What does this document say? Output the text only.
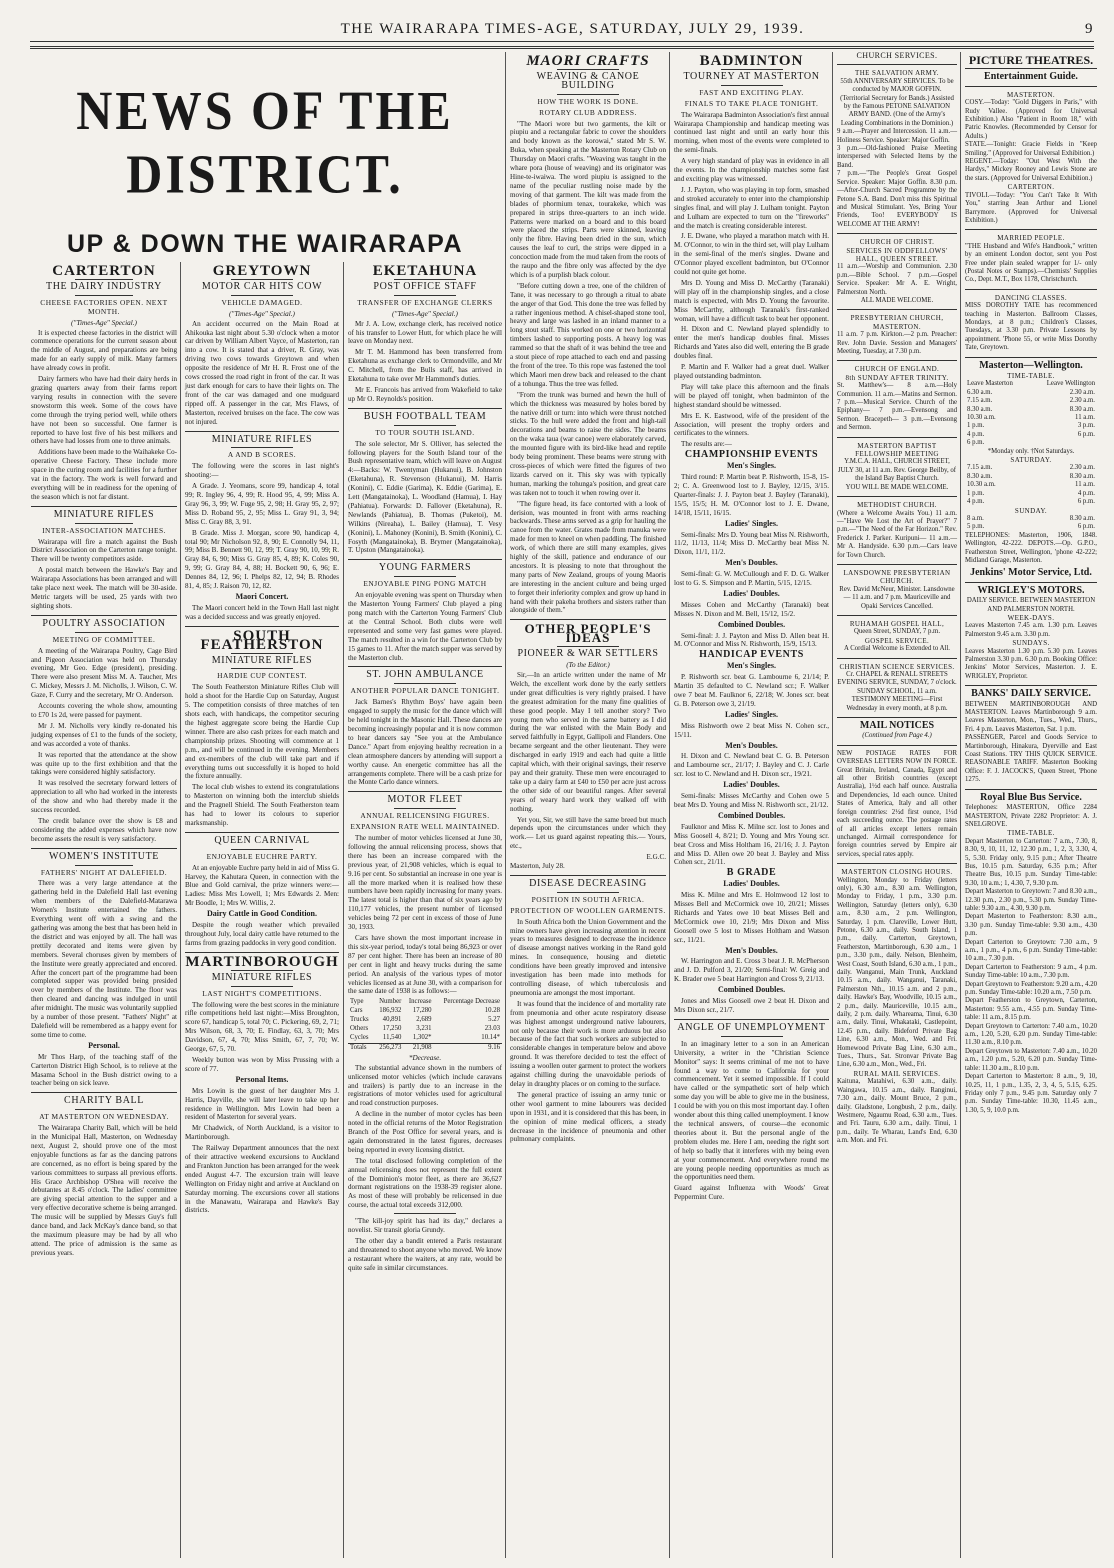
THE WAIRARAPA TIMES-AGE, SATURDAY, JULY 29, 1939.	9
NEWS OF THE DISTRICT.
UP & DOWN THE WAIRARAPA
CARTERTON
THE DAIRY INDUSTRY
CHEESE FACTORIES OPEN. NEXT MONTH.
("Times-Age" Special.)

It is expected cheese factories in the district will commence operations for the current season about the middle of August, and preparations are being made for an early supply of milk. Many farmers have already cows in profit.

Dairy farmers who have had their dairy herds in grazing quarters away from their farms report varying results in connection with the severe snowstorm this week. Some of the cows have come through the trying period well, while others have not been so successful. One farmer is reported to have lost five of his best milkers and others have had losses from one to three animals.

Additions have been made to the Waihakeke Co-operative Cheese Factory. These include more space in the curing room and facilities for a further vat in the factory. The work is well forward and everything will be in readiness for the opening of the season which is not far distant.

MINIATURE RIFLES
INTER-ASSOCIATION MATCHES.

Wairarapa will fire a match against the Bush District Association on the Carterton range tonight. There will be twenty competitors aside.

A postal match between the Hawke's Bay and Wairarapa Associations has been arranged and will take place next week. The match will be 30-aside. Metric targets will be used, 25 yards with two sighting shots.

POULTRY ASSOCIATION
MEETING OF COMMITTEE.

A meeting of the Wairarapa Poultry, Cage Bird and Pigeon Association was held on Thursday evening, Mr Geo. Edge (president), presiding. There were also present Miss M. A. Taucher, Mrs C. Mickey, Messrs J. M. Nicholls, J. Wilson, C. W. Gaze, F. Curry and the secretary, Mr O. Anderson.

Accounts covering the whole show, amounting to £70 1s 2d, were passed for payment.

Mr J. M. Nicholls very kindly re-donated his judging expenses of £1 to the funds of the society, and was accorded a vote of thanks.

It was reported that the attendance at the show was quite up to the first exhibition and that the takings were considered highly satisfactory.

It was resolved the secretary forward letters of appreciation to all who had worked in the interests of the show and who had thereby made it the success recorded.

The credit balance over the show is £8 and considering the added expenses which have now become assets the result is very satisfactory.

WOMEN'S INSTITUTE
FATHERS' NIGHT AT DALEFIELD.

There was a very large attendance at the gathering held in the Dalefield Hall last evening when members of the Dalefield-Matarawa Women's Institute entertained the fathers. Everything went off with a swing and the gathering was among the best that has been held in the district and was enjoyed by all. The hall was prettily decorated and items were given by members. Several choruses given by members of the Institute were greatly appreciated and encored. After the concert part of the programme had been completed supper was provided being presided over by members of the Institute. The floor was then cleared and dancing was indulged in until after midnight. The music was voluntarily supplied by a number of those present. "Fathers' Night" at Dalefield will be remembered as a happy event for some time to come.

Personal.

Mr Thos Harp, of the teaching staff of the Carterton District High School, is to relieve at the Masama School in the Bush district owing to a teacher being on sick leave.

CHARITY BALL
AT MASTERTON ON WEDNESDAY.

The Wairarapa Charity Ball, which will be held in the Municipal Hall, Masterton, on Wednesday next, August 2, should prove one of the most enjoyable functions as far as the dancing patrons are concerned, as no effort is being spared by the various committees to surpass all previous efforts. His Grace Archbishop O'Shea will receive the debutantes at 8.45 o'clock. The ladies' committee are giving special attention to the supper and a very effective decorative scheme is being arranged. The music will be supplied by Messrs Guy's full dance band, and Jack McKay's dance band, so that the maximum pleasure may be had by all who attend. The price of admission is the same as previous years.

GREYTOWN
MOTOR CAR HITS COW
VEHICLE DAMAGED.
("Times-Age" Special.)

An accident occurred on the Main Road at Ahikouka last night about 5.30 o'clock when a motor car driven by William Albert Vayce, of Masterton, ran into a cow. It is stated that a driver, R. Gray, was driving two cows towards Greytown and when opposite the residence of Mr H. R. Frost one of the cows crossed the road right in front of the car. It was just dark enough for cars to have their lights on. The front of the car was damaged and one mudguard ripped off. A passenger in the car, Mrs Flaws, of Masterton, received bruises on the face. The cow was not injured.

MINIATURE RIFLES
A AND B SCORES.

The following were the scores in last night's shooting:—

A Grade. J. Yeomans, score 99, handicap 4, total 99; R. Ingley 96, 4, 99; R. Hood 95, 4, 99; Miss A. Gray 96, 3, 99; W. Fuge 95, 2, 98; H. Gray 95, 2, 97; Miss D. Roband 95, 2, 95; Miss L. Gray 91, 3, 94; Miss C. Gray 88, 3, 91.

B Grade. Miss J. Morgan, score 90, handicap 4, total 90; Mr Nicholson 92, 8, 90; E. Connolly 94, 11, 99; Miss B. Bennett 90, 12, 99; T. Gray 90, 10, 99; R. Gray 84, 6, 90; Miss G. Gray 85, 4, 89; K. Coles 90, 9, 99; G. Gray 84, 4, 88; H. Bockett 90, 6, 96; E. Dennes 84, 12, 96; I. Phelps 82, 12, 94; B. Rhodes 81, 4, 85; J. Raison 70, 12, 82.

Maori Concert.

The Maori concert held in the Town Hall last night was a decided success and was greatly enjoyed.

SOUTH FEATHERSTON
MINIATURE RIFLES
HARDIE CUP CONTEST.

The South Featherston Miniature Rifles Club will hold a shoot for the Hardie Cup on Saturday, August 5. The competition consists of three matches of ten shots each, with handicaps, the competitor securing the highest aggregate score being the Hardie Cup winner. There are also cash prizes for each match and championship prizes. Shooting will commence at 1 p.m., and will be continued in the evening. Members and ex-members of the club will take part and if everything turns out successfully it is hoped to hold the fixture annually.

The local club wishes to extend its congratulations to Masterton on winning both the interclub shields and the Pragnell Shield. The South Featherston team has had to lower its colours to superior marksmanship.

QUEEN CARNIVAL
ENJOYABLE EUCHRE PARTY.

At an enjoyable Euchre party held in aid of Miss G. Harvey, the Kahutara Queen, in connection with the Blue and Gold carnival, the prize winners were:—Ladies: Miss Mrs Lowell, 1; Mrs Edwards 2. Men: Mr Boodle, 1; Mrs W. Willis, 2.

Dairy Cattle in Good Condition.

Despite the rough weather which prevailed throughout July, local dairy cattle have returned to the farms from grazing paddocks in very good condition.

MARTINBOROUGH
MINIATURE RIFLES
LAST NIGHT'S COMPETITIONS.

The following were the best scores in the miniature rifle competitions held last night:—Miss Broughton, score 67, handicap 5, total 70; C. Pickering, 69, 2, 71; Mrs Wilson, 68, 3, 70; E. Findlay, 63, 3, 70; Mrs Davidson, 67, 4, 70; Miss Smith, 67, 7, 70; W. George, 67, 5, 70.

Weekly button was won by Miss Prussing with a score of 77.

Personal Items.

Mrs Lowin is the guest of her daughter Mrs J. Harris, Dayville, she will later leave to take up her residence in Wellington. Mrs Lowin had been a resident of Masterton for several years.

Mr Chadwick, of North Auckland, is a visitor to Martinborough.

The Railway Department announces that the next of their attractive weekend excursions to Auckland and Frankton Junction has been arranged for the week ended August 4-7. The excursion train will leave Wellington on Friday night and arrive at Auckland on Saturday morning. The excursions cover all stations in the Manawatu, Wairarapa and Hawke's Bay districts.

EKETAHUNA
POST OFFICE STAFF
TRANSFER OF EXCHANGE CLERKS
("Times-Age" Special.)

Mr J. A. Low, exchange clerk, has received notice of his transfer to Lower Hutt, for which place he will leave on Monday next.

Mr T. M. Hammond has been transferred from Eketahuna as exchange clerk to Ormondville, and Mr C. Mitchell, from the Bulls staff, has arrived in Eketahuna to take over Mr Hammond's duties.

Mr E. Francois has arrived from Wakefield to take up Mr O. Reynolds's position.

BUSH FOOTBALL TEAM
TO TOUR SOUTH ISLAND.

The sole selector, Mr S. Olliver, has selected the following players for the South Island tour of the Bush representative team, which will leave on August 4:—Backs: W. Twentyman (Hukanui), B. Johnston (Eketahuna), R. Stevenson (Hukanui), M. Harris (Konini), C. Eddie (Garima), K. Eddie (Garima), E. Lett (Mangatainoka), L. Woodland (Hamua), I. Hay (Pahiatua). Forwards: D. Fallover (Eketahuna), R. Newlands (Pahiatua), B. Thomas (Puketoi), M. Wilkins (Nireaha), L. Bailey (Hamua), T. Vesy (Konini), L. Mahoney (Konini), B. Smith (Konini), C. Fosyth (Mangatainoka), B. Brymer (Mangatainoka), T. Upston (Mangatainoka).

YOUNG FARMERS
ENJOYABLE PING PONG MATCH

An enjoyable evening was spent on Thursday when the Masterton Young Farmers' Club played a ping pong match with the Carterton Young Farmers' Club at the Central School. Both clubs were well represented and some very fast games were played. The match resulted in a win for the Carterton Club by 15 games to 11. After the match supper was served by the Masterton club.

ST. JOHN AMBULANCE
ANOTHER POPULAR DANCE TONIGHT.

Jack Barnes's Rhythm Boys' have again been engaged to supply the music for the dance which will be held tonight in the Masonic Hall. These dances are becoming increasingly popular and it is now common to hear dancers say "See you at the Ambulance Dance." Apart from enjoying healthy recreation in a clean atmosphere dancers by attending will support a worthy cause. An energetic committee has all the arrangements complete. There will be a cash prize for the Monte Carlo dance winners.

MOTOR FLEET
ANNUAL RELICENSING FIGURES.
EXPANSION RATE WELL MAINTAINED.

The number of motor vehicles licensed at June 30, following the annual relicensing process, shows that there has been an increase compared with the previous year, of 21,908 vehicles, which is equal to 9.16 per cent. So substantial an increase in one year is all the more marked when it is realised how these numbers have been rapidly increasing for many years. The latest total is higher than that of six years ago by 110,177 vehicles, the present number of licensed vehicles being 72 per cent in excess of those of June 30, 1933.

Cars have shown the most important increase in this six-year period, today's total being 86,923 or over 87 per cent higher. There has been an increase of 80 per cent in light and heavy trucks during the same period. An analysis of the various types of motor vehicles licensed as at June 30, with a comparison for the same date of 1938 is as follows:—

Type	Number	Increase	Percentage Decrease
Cars	186,932	17,280	10.28
Trucks	40,891	2,689	5.27
Others	17,250	3,231	23.03
Cycles	11,540	1,302*	10.14*
Totals	256,273	21,908	9.16
*Decrease.

The substantial advance shown in the numbers of unlicensed motor vehicles (which include caravans and trailers) is partly due to an increase in the registrations of motor vehicles used for agricultural and road construction purposes.

A decline in the number of motor cycles has been noted in the official returns of the Motor Registration Branch of the Post Office for several years, and is again demonstrated in the latest figures, decreases being reported in every licensing district.

The total disclosed following completion of the annual relicensing does not represent the full extent of the Dominion's motor fleet, as there are 36,627 dormant registrations on the 1938-39 register alone. As most of these will probably be relicensed in due course, the actual total exceeds 312,000.

"The kill-joy spirit has had its day," declares a novelist. Sir transit gloria Grundy.

The other day a bandit entered a Paris restaurant and threatened to shoot anyone who moved. We know a restaurant where the waiters, at any rate, would be quite safe in similar circumstances.

MAORI CRAFTS
WEAVING & CANOE BUILDING
HOW THE WORK IS DONE.
ROTARY CLUB ADDRESS.

"The Maori wore but two garments, the kilt or piupiu and a rectangular fabric to cover the shoulders and body known as the korowai," stated Mr S. W. Buka, when speaking at the Masterton Rotary Club on Thursday on Maori crafts. "Weaving was taught in the whare pora (house of weaving) and its originator was Hine-te-iwaiwa. The word piupiu is assigned to the name of the peculiar rustling noise made by the moving of that garment. The kilt was made from the blades of phormium tenax, tourakeke, which was prepared in strips three-quarters to an inch wide. Patterns were marked on a board and to this board were placed the strips. Parts were skinned, leaving only the fibre. Having been dried in the sun, which causes the leaf to curl, the strips were dipped in a concoction made from the mud taken from the roots of the raupo and the fibre only was affected by the dye which is of a purplish black colour.

"Before cutting down a tree, one of the children of Tane, it was necessary to go through a ritual to abate the anger of that God. This done the tree was felled by a rather ingenious method. A chisel-shaped stone tool, heavy and large was lashed in an inland manner to a long stout staff. This worked on one or two horizontal timbers lashed to supporting posts. A heavy log was rammed so that the shaft of it was behind the tree and a stout piece of rope attached to each end and passing the front of the tree. To this rope was fastened the tool which Maori men drew back and released to the chant of a tohunga. Thus the tree was felled.

"From the trunk was burned and hewn the hull of which the thickness was measured by holes bored by the native drill or turn: into which were thrust notched sticks. To the hull were added the front and high-tail decorations and beams to raise the sides. The beams on the waka taua (war canoe) were elaborately carved, the mounted figure with its bird-like head and reptile body being prominent. These beams were strung with cross-pieces of which were fitted the figures of two lizards carved on it. This sky was with typically human, marking the tohunga's position, and great care was taken not to touch it when rowing over it.

"The figure head, its face contorted with a look of derision, was mounted in front with arms reaching backwards. These arms served as a grip for hauling the canoe from the water. Grates made from manuka were made for men to kneel on when paddling. The finished work, of which there are still many examples, gives highly of the skill, patience and endurance of our ancestors. It is pleasing to note that throughout the many parts of New Zealand, groups of young Maoris are interesting in the ancient culture and being urged to forget their inferiority complex and grow up hand in hand with their pakeha brothers and sisters rather than alongside of them."

OTHER PEOPLE'S IDEAS
PIONEER & WAR SETTLERS
(To the Editor.)

Sir,—In an article written under the name of Mr Welch, the excellent work done by the early settlers under great difficulties is very rightly praised. I have the greatest admiration for the many fine qualities of these good people. May I tell another story? Two young men who served in the same battery as I did during the war enlisted with the Main Body and served faithfully in Egypt, Gallipoli and Flanders. One became sergeant and the other lieutenant. They were discharged in early 1919 and each had quite a little capital which, with their original savings, their reserve pay and their gratuity. These men were encouraged to take up a dairy farm at £40 to £50 per acre just across the other side of our beautiful ranges. After several years of weary hard work they walked off with nothing.

Yet you, Sir, we still have the same breed but much depends upon the circumstances under which they work.— Let us guard against repeating this.— Yours, etc.,

E.G.C.
Masterton, July 28.
DISEASE DECREASING
POSITION IN SOUTH AFRICA.
PROTECTION OF WOOLLEN GARMENTS.

In South Africa both the Union Government and the mine owners have given increasing attention in recent years to measures designed to decrease the incidence of disease amongst natives working in the Rand gold mines. In consequence, housing and dietetic conditions have been greatly improved and intensive investigation has been made into methods for controlling disease, of which tuberculosis and pneumonia are amongst the most important.

It was found that the incidence of and mortality rate from pneumonia and other acute respiratory disease was highest amongst underground native labourers, not only because their work is more arduous but also because of the fact that such workers are subjected to considerable changes in temperature below and above ground. It was therefore decided to test the effect of issuing a woollen outer garment to protect the workers against chilling during the unavoidable periods of delay in draughty places or on coming to the surface.

The general practice of issuing an army tunic or other wool garment to mine labourers was decided upon in 1931, and it is considered that this has been, in the opinion of mine medical officers, a steady decrease in the incidence of pneumonia and other pulmonary complaints.

BADMINTON
TOURNEY AT MASTERTON
FAST AND EXCITING PLAY.
FINALS TO TAKE PLACE TONIGHT.

The Wairarapa Badminton Association's first annual Wairarapa Championship and handicap meeting was continued last night and until an early hour this morning, when most of the events were completed to the semi-finals.

A very high standard of play was in evidence in all the events. In the championship matches some fast and exciting play was witnessed.

J. J. Payton, who was playing in top form, smashed and stroked accurately to enter into the championship singles final, and will play J. Lulham tonight. Payton and Lulham are expected to turn on the "fireworks" and the match is creating considerable interest.

J. E. Dwane, who played a marathon match with H. M. O'Connor, to win in the third set, will play Lulham in the semi-final of the men's singles. Dwane and O'Connor played excellent badminton, but O'Connor could not quite get home.

Mrs D. Young and Miss D. McCarthy (Taranaki) will play off in the championship singles, and a close match is expected, with Mrs D. Young the favourite. Miss McCarthy, although Taranaki's first-ranked woman, will have a difficult task to beat her opponent.

H. Dixon and C. Newland played splendidly to enter the men's handicap doubles final. Misses Richards and Yates also did well, entering the B grade doubles final.

P. Martin and F. Walker had a great duel. Walker played outstanding badminton.

Play will take place this afternoon and the finals will be played off tonight, when badminton of the highest standard should be witnessed.

Mrs E. K. Eastwood, wife of the president of the Association, will present the trophy orders and certificates to the winners.

The results are:—

CHAMPIONSHIP EVENTS
Men's Singles.

Third round: P. Martin beat P. Rishworth, 15-8, 15-2; C. A. Greenwood lost to J. Bayley, 12/15, 3/15. Quarter-finals: J. J. Payton beat J. Bayley (Taranaki), 15/5, 15/5; H. M. O'Connor lost to J. E. Dwane, 14/18, 15/11, 16/15.

Ladies' Singles.

Semi-finals: Mrs D. Young beat Miss N. Rishworth, 11/2, 11/13, 11/4; Miss D. McCarthy beat Miss N. Dixon, 11/1, 11/2.

Men's Doubles.

Semi-final: G. W. McCullough and F. D. G. Walker lost to G. S. Simpson and P. Martin, 5/15, 12/15.

Ladies' Doubles.

Misses Cohen and McCarthy (Taranaki) beat Misses N. Dixon and M. Bell, 15/12, 15/2.

Combined Doubles.

Semi-final: J. J. Payton and Miss D. Allen beat H. M. O'Connor and Miss N. Rishworth, 15/9, 15/13.

HANDICAP EVENTS
Men's Singles.

P. Rishworth scr. beat G. Lambourne 6, 21/14; P. Martin 35 defaulted to C. Newland scr.; F. Walker owe 7 beat M. Faulknor 6, 22/18; W. Jones scr. beat G. B. Peterson owe 3, 21/19.

Ladies' Singles.

Miss Rishworth owe 2 beat Miss N. Cohen scr., 15/11.

Men's Doubles.

H. Dixon and C. Newland beat C. G. B. Peterson and Lambourne scr., 21/17; J. Bayley and C. J. Carle scr. lost to C. Newland and H. Dixon scr., 19/21.

Ladies' Doubles.

Semi-finals: Misses McCarthy and Cohen owe 5 beat Mrs D. Young and Miss N. Rishworth scr., 21/12.

Combined Doubles.

Faulknor and Miss K. Milne scr. lost to Jones and Miss Goosell 4, 8/21; D. Young and Mrs Young scr. beat Cross and Miss Holtham 16, 21/16; J. J. Payton and Miss D. Allen owe 20 beat J. Bayley and Miss Cohen scr., 21/11.

B GRADE
Ladies' Doubles.

Miss K. Milne and Mrs E. Holmwood 12 lost to Misses Bell and McCormick owe 10, 20/21; Misses Richards and Yates owe 10 beat Misses Bell and McCormick owe 10, 21/9; Mrs Dixon and Miss Goosell owe 5 lost to Misses Holtham and Watson scr., 11/21.

Men's Doubles.

W. Harrington and E. Cross 3 beat J. R. McPherson and J. D. Pulford 3, 21/20; Semi-final: W. Greig and K. Brader owe 5 beat Harrington and Cross 9, 21/13.

Combined Doubles.

Jones and Miss Goosell owe 2 beat H. Dixon and Mrs Dixon scr., 21/7.

ANGLE OF UNEMPLOYMENT

In an imaginary letter to a son in an American University, a writer in the "Christian Science Monitor" says: It seems criminal of me not to have found a way to come to California for your commencement. Yet it seemed impossible. If I could have called or the sympathetic sort of help which some day you will be able to give me in the business, I could be with you on this most important day. I often wonder about this thing called unemployment. I know the technical answers, of course—the economic theories about it. But the personal angle of the problem eludes me. Here I am, needing the right sort of help so badly that it interferes with my being even at your commencement. And everywhere round me are young people needing opportunities as much as the opportunities need them.

Guard against Influenza with Woods' Great Peppermint Cure.

CHURCH SERVICES.
THE SALVATION ARMY.
55th ANNIVERSARY SERVICES. To be conducted by MAJOR GOFFIN. (Territorial Secretary for Bands.) Assisted by the Famous PETONE SALVATION ARMY BAND. (One of the Army's Leading Combinations in the Dominion.)
9 a.m.—Prayer and Intercession. 11 a.m.—Holiness Service. Speaker: Major Goffin.
3 p.m.—Old-fashioned Praise Meeting interspersed with Selected Items by the Band.
7 p.m.—"The People's Great Gospel Service. Speaker: Major Goffin. 8.30 p.m.—After-Church Sacred Programme by the Petone S.A. Band. Don't miss this Spiritual and Musical Stimulant. Yes, Bring Your Friends, Too! EVERYBODY IS WELCOME AT THE ARMY!
CHURCH OF CHRIST.
SERVICES IN ODDFELLOWS' HALL, QUEEN STREET.
11 a.m.—Worship and Communion. 2.30 p.m.—Bible School. 7 p.m.—Gospel Service. Speaker: Mr A. E. Wright, Palmerston North.
ALL MADE WELCOME.
PRESBYTERIAN CHURCH, MASTERTON.
11 a.m. 7 p.m. Kirkton.—2 p.m. Preacher: Rev. John Davie. Session and Managers' Meeting, Tuesday, at 7.30 p.m.
CHURCH OF ENGLAND.
8th SUNDAY AFTER TRINITY.
St. Matthew's— 8 a.m.—Holy Communion. 11 a.m.—Matins and Sermon. 7 p.m.—Musical Service. Church of the Epiphany— 7 p.m.—Evensong and Sermon. Bracepeth— 3 p.m.—Evensong and Sermon.
MASTERTON BAPTIST FELLOWSHIP MEETING
Y.M.C.A. HALL, CHURCH STREET, JULY 30, at 11 a.m. Rev. George Beilby, of the Island Bay Baptist Church.
YOU WILL BE MADE WELCOME.
METHODIST CHURCH.
(Where a Welcome Awaits You.) 11 a.m.—"Have We Lost the Art of Prayer?" 7 p.m.—"The Need of the Far Horizon." Rev. Frederick J. Parker. Kuripuni— 11 a.m.—Mr A. Handyside. 6.30 p.m.—Cars leave for Town Church.
LANSDOWNE PRESBYTERIAN CHURCH.
Rev. David McNeur, Minister. Lansdowne— 11 a.m. and 7 p.m. Mauriceville and Opaki Services Cancelled.
RUHAMAH GOSPEL HALL,
Queen Street, SUNDAY, 7 p.m.
GOSPEL SERVICE.
A Cordial Welcome is Extended to All.
CHRISTIAN SCIENCE SERVICES.
Cr. CHAPEL & RENALL STREETS EVENING SERVICE, SUNDAY, 7 o'clock. SUNDAY SCHOOL, 11 a.m. TESTIMONY MEETING—First Wednesday in every month, at 8 p.m.
MAIL NOTICES
(Continued from Page 4.)
NEW POSTAGE RATES FOR OVERSEAS LETTERS NOW IN FORCE. Great Britain, Ireland, Canada, Egypt and all other British countries (except Australia), 1½d each half ounce. Australia and Dependencies, 1d each ounce. United States of America, Italy and all other foreign countries: 2½d first ounce, 1½d each succeeding ounce. The postage rates of all articles except letters remain unchanged. Airmail correspondence for foreign countries served by Empire air services, special rates apply.
MASTERTON CLOSING HOURS.
Wellington, Monday to Friday (letters only), 6.30 a.m., 8.30 a.m. Wellington, Monday to Friday, 1 p.m., 3.30 p.m. Wellington, Saturday (letters only), 6.30 a.m., 8.30 a.m., 2 p.m. Wellington, Saturday, 1 p.m. Clareville, Lower Hutt, Petone, 6.30 a.m., daily. South Island, 1 p.m., daily. Carterton, Greytown, Featherston, Martinborough, 6.30 a.m., 1 p.m., 3.30 p.m., daily. Nelson, Blenheim, West Coast, South Island, 6.30 a.m., 1 p.m., daily. Wanganui, Main Trunk, Auckland 10.15 a.m., daily. Wanganui, Taranaki, Palmerston Nth., 10.15 a.m. and 2 p.m., daily. Hawke's Bay, Woodville, 10.15 a.m., 2 p.m., daily. Mauriceville, 10.15 a.m., daily, 2 p.m. daily. Whareama, Tinui, 6.30 a.m., daily. Tinui, Whakataki, Castlepoint, 12.45 p.m., daily. Bideford Private Bag Line, 6.30 a.m., Mon., Wed. and Fri. Homewood Private Bag Line, 6.30 a.m., Tues., Thurs., Sat. Stronvar Private Bag Line, 6.30 a.m., Mon., Wed., Fri.
RURAL MAIL SERVICES.
Kaituna, Matahiwi, 6.30 a.m., daily. Waingawa, 10.15 a.m., daily. Ranginui, 7.30 a.m., daily. Mount Bruce, 2 p.m., daily. Gladstone, Longbush, 2 p.m., daily. Westmere, Ngaumu Road, 6.30 a.m., Tues. and Fri. Tauru, 6.30 a.m., daily. Tinui, 1 p.m., daily. Te Wharau, Land's End, 6.30 a.m. Mon. and Fri.
PICTURE THEATRES.
Entertainment Guide.
MASTERTON.
COSY.—Today: "Gold Diggers in Paris," with Rudy Vallee. (Approved for Universal Exhibition.) Also "Patient in Room 18," with Patric Knowles. (Recommended by Censor for Adults.)
STATE.—Tonight: Gracie Fields in "Keep Smiling." (Approved for Universal Exhibition.)
REGENT.—Today: "Out West With the Hardys," Mickey Rooney and Lewis Stone are the stars. (Approved for Universal Exhibition.)
CARTERTON.
TIVOLI.—Today: "You Can't Take It With You," starring Jean Arthur and Lionel Barrymore. (Approved for Universal Exhibition.)
MARRIED PEOPLE.
"THE Husband and Wife's Handbook," written by an eminent London doctor, sent you Post Free under plain sealed wrapper for 1/- only (Postal Notes or Stamps).—Chemists' Supplies Co., Dept. M.T., Box 1178, Christchurch.
DANCING CLASSES.
MISS DOROTHY TATE has recommenced teaching in Masterton. Ballroom Classes, Mondays, at 8 p.m.; Children's Classes, Tuesdays, at 3.30 p.m. Private Lessons by appointment. 'Phone 55, or write Miss Dorothy Tate, Greytown.
Masterton—Wellington.
TIME-TABLE.
Leave Masterton	Leave Wellington
6.30 a.m.	2.30 a.m.
7.15 a.m.	2.30 a.m.
8.30 a.m.	8.30 a.m.
10.30 a.m.	11 a.m.
1 p.m.	3 p.m.
4 p.m.	6 p.m.
6 p.m.	
*Monday only. †Not Saturdays.
SATURDAY.
7.15 a.m.	2.30 a.m.
8.30 a.m.	8.30 a.m.
10.30 a.m.	11 a.m.
1 p.m.	4 p.m.
4 p.m.	6 p.m.
SUNDAY.
8 a.m.	8.30 a.m.
5 p.m.	6 p.m.
TELEPHONES: Masterton, 1906, 1848. Wellington, 42-222. DEPOTS.—Op. G.P.O., Featherston Street, Wellington, 'phone 42-222; Midland Garage, Masterton.
Jenkins' Motor Service, Ltd.
WRIGLEY'S MOTORS.
DAILY SERVICE. BETWEEN MASTERTON AND PALMERSTON NORTH.
WEEK-DAYS.
Leaves Masterton 7.45 a.m. 1.30 p.m. Leaves Palmerston 9.45 a.m. 3.30 p.m.
SUNDAYS.
Leaves Masterton 1.30 p.m. 5.30 p.m. Leaves Palmerston 3.30 p.m. 6.30 p.m. Booking Office: Jenkins' Motor Services, Masterton. J. E. WRIGLEY, Proprietor.
BANKS' DAILY SERVICE.
BETWEEN MARTINBOROUGH AND MASTERTON. Leaves Martinborough 9 a.m. Leaves Masterton, Mon., Tues., Wed., Thurs., Fri. 4 p.m. Leaves Masterton, Sat. 1 p.m.
PASSENGER, Parcel and Goods Service to Martinborough, Hinakura, Dyerville and East Coast Stations. TRY THIS QUICK SERVICE. REASONABLE TARIFF. Masterton Booking Office: F. J. JACOCK'S, Queen Street, 'Phone 1275.
Royal Blue Bus Service.
Telephones: MASTERTON, Office 2284 MASTERTON, Private 2282 Proprietor: A. J. SNELGROVE.
TIME-TABLE.
Depart Masterton to Carterton: 7 a.m., 7.30, 8, 8.30, 9, 10, 11, 12, 12.30 p.m., 1, 2, 3, 3.30, 4, 5, 5.30. Friday only, 9.15 p.m.; After Theatre Bus, 10.15 p.m. Saturday, 6.35 p.m.; After Theatre Bus, 10.15 p.m. Sunday Time-table: 9.30, 10 a.m.; 1, 4.30, 7, 9.30 p.m.
Depart Masterton to Greytown: 7 and 8.30 a.m., 12.30 p.m., 2.30 p.m., 5.30 p.m. Sunday Time-table: 9.30 a.m., 4.30, 9.30 p.m.
Depart Masterton to Featherston: 8.30 a.m., 3.30 p.m. Sunday Time-table: 9.30 a.m., 4.30 p.m.
Depart Carterton to Greytown: 7.30 a.m., 9 a.m., 1 p.m., 4 p.m., 6 p.m. Sunday Time-table: 10 a.m., 7.30 p.m.
Depart Carterton to Featherston: 9 a.m., 4 p.m. Sunday Time-table: 10 a.m., 7.30 p.m.
Depart Greytown to Featherston: 9.20 a.m., 4.20 p.m. Sunday Time-table: 10.20 a.m., 7.50 p.m.
Depart Featherston to Greytown, Carterton, Masterton: 9.55 a.m., 4.55 p.m. Sunday Time-table: 11 a.m., 8.15 p.m.
Depart Greytown to Carterton: 7.40 a.m., 10.20 a.m., 1.20, 5.20, 6.20 p.m. Sunday Time-table: 11.30 a.m., 8.10 p.m.
Depart Greytown to Masterton: 7.40 a.m., 10.20 a.m., 1.20 p.m., 5.20, 6.20 p.m. Sunday Time-table: 11.30 a.m., 8.10 p.m.
Depart Carterton to Masterton: 8 a.m., 9, 10, 10.25, 11, 1 p.m., 1.35, 2, 3, 4, 5, 5.15, 6.25. Friday only 7 p.m., 9.45 p.m. Saturday only 7 p.m. Sunday Time-table: 10.30, 11.45 a.m., 1.30, 5, 9, 10.0 p.m.
